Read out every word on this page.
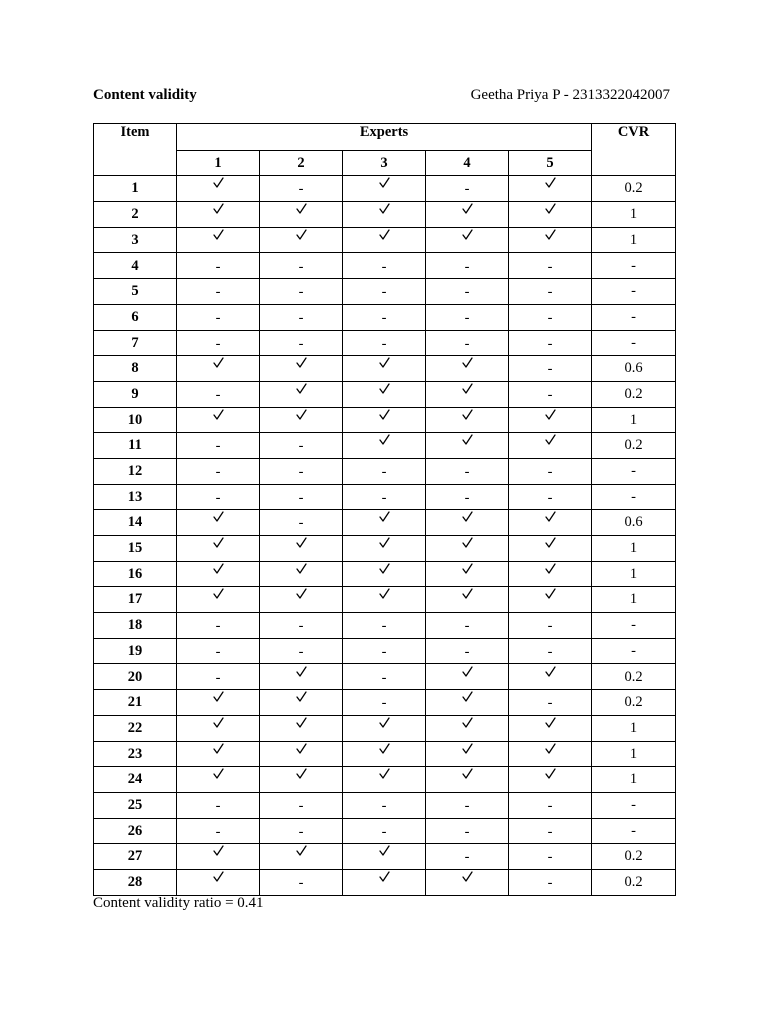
Content validity	Geetha Priya P - 2313322042007
Item	Experts					CVR
	1	2	3	4	5	
1		-		-		0.2
2						1
3						1
4	-	-	-	-	-	-
5	-	-	-	-	-	-
6	-	-	-	-	-	-
7	-	-	-	-	-	-
8					-	0.6
9	-				-	0.2
10						1
11	-	-				0.2
12	-	-	-	-	-	-
13	-	-	-	-	-	-
14		-				0.6
15						1
16						1
17						1
18	-	-	-	-	-	-
19	-	-	-	-	-	-
20	-		-			0.2
21			-		-	0.2
22						1
23						1
24						1
25	-	-	-	-	-	-
26	-	-	-	-	-	-
27				-	-	0.2
28		-			-	0.2
Content validity ratio = 0.41
